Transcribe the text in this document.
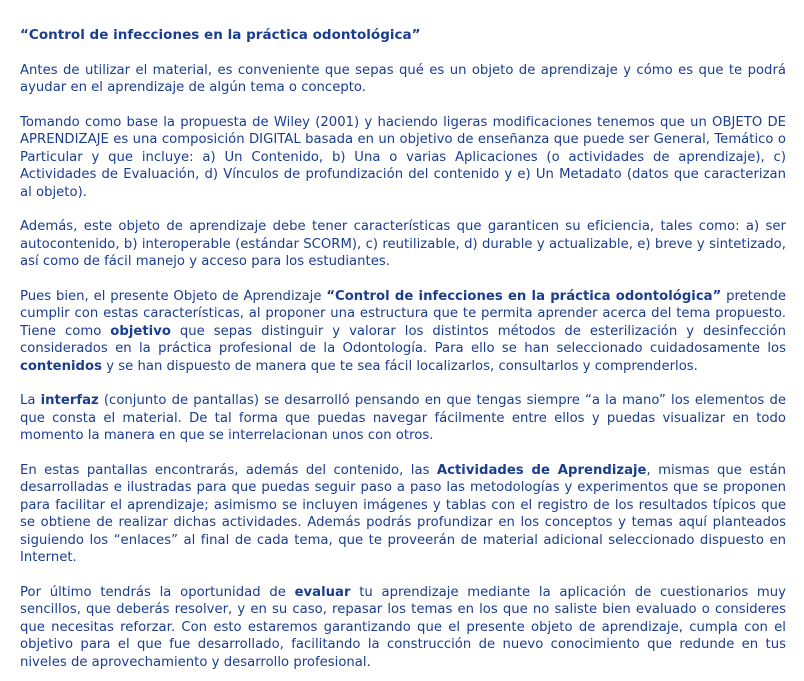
“Control de infecciones en la práctica odontológica”

Antes de utilizar el material, es conveniente que sepas qué es un objeto de aprendizaje y cómo es que te podrá ayudar en el aprendizaje de algún tema o concepto.

Tomando como base la propuesta de Wiley (2001) y haciendo ligeras modificaciones tenemos que un OBJETO DE APRENDIZAJE es una composición DIGITAL basada en un objetivo de enseñanza que puede ser General, Temático o Particular y que incluye: a) Un Contenido, b) Una o varias Aplicaciones (o actividades de aprendizaje), c) Actividades de Evaluación, d) Vínculos de profundización del contenido y e) Un Metadato (datos que caracterizan al objeto).

Además, este objeto de aprendizaje debe tener características que garanticen su eficiencia, tales como: a) ser autocontenido, b) interoperable (estándar SCORM), c) reutilizable, d) durable y actualizable, e) breve y sintetizado, así como de fácil manejo y acceso para los estudiantes.

Pues bien, el presente Objeto de Aprendizaje “Control de infecciones en la práctica odontológica” pretende cumplir con estas características, al proponer una estructura que te permita aprender acerca del tema propuesto. Tiene como objetivo que sepas distinguir y valorar los distintos métodos de esterilización y desinfección considerados en la práctica profesional de la Odontología. Para ello se han seleccionado cuidadosamente los contenidos y se han dispuesto de manera que te sea fácil localizarlos, consultarlos y comprenderlos.

La interfaz (conjunto de pantallas) se desarrolló pensando en que tengas siempre “a la mano” los elementos de que consta el material. De tal forma que puedas navegar fácilmente entre ellos y puedas visualizar en todo momento la manera en que se interrelacionan unos con otros.

En estas pantallas encontrarás, además del contenido, las Actividades de Aprendizaje, mismas que están desarrolladas e ilustradas para que puedas seguir paso a paso las metodologías y experimentos que se proponen para facilitar el aprendizaje; asimismo se incluyen imágenes y tablas con el registro de los resultados típicos que se obtiene de realizar dichas actividades. Además podrás profundizar en los conceptos y temas aquí planteados siguiendo los “enlaces” al final de cada tema, que te proveerán de material adicional seleccionado dispuesto en Internet.

Por último tendrás la oportunidad de evaluar tu aprendizaje mediante la aplicación de cuestionarios muy sencillos, que deberás resolver, y en su caso, repasar los temas en los que no saliste bien evaluado o consideres que necesitas reforzar. Con esto estaremos garantizando que el presente objeto de aprendizaje, cumpla con el objetivo para el que fue desarrollado, facilitando la construcción de nuevo conocimiento que redunde en tus niveles de aprovechamiento y desarrollo profesional.
